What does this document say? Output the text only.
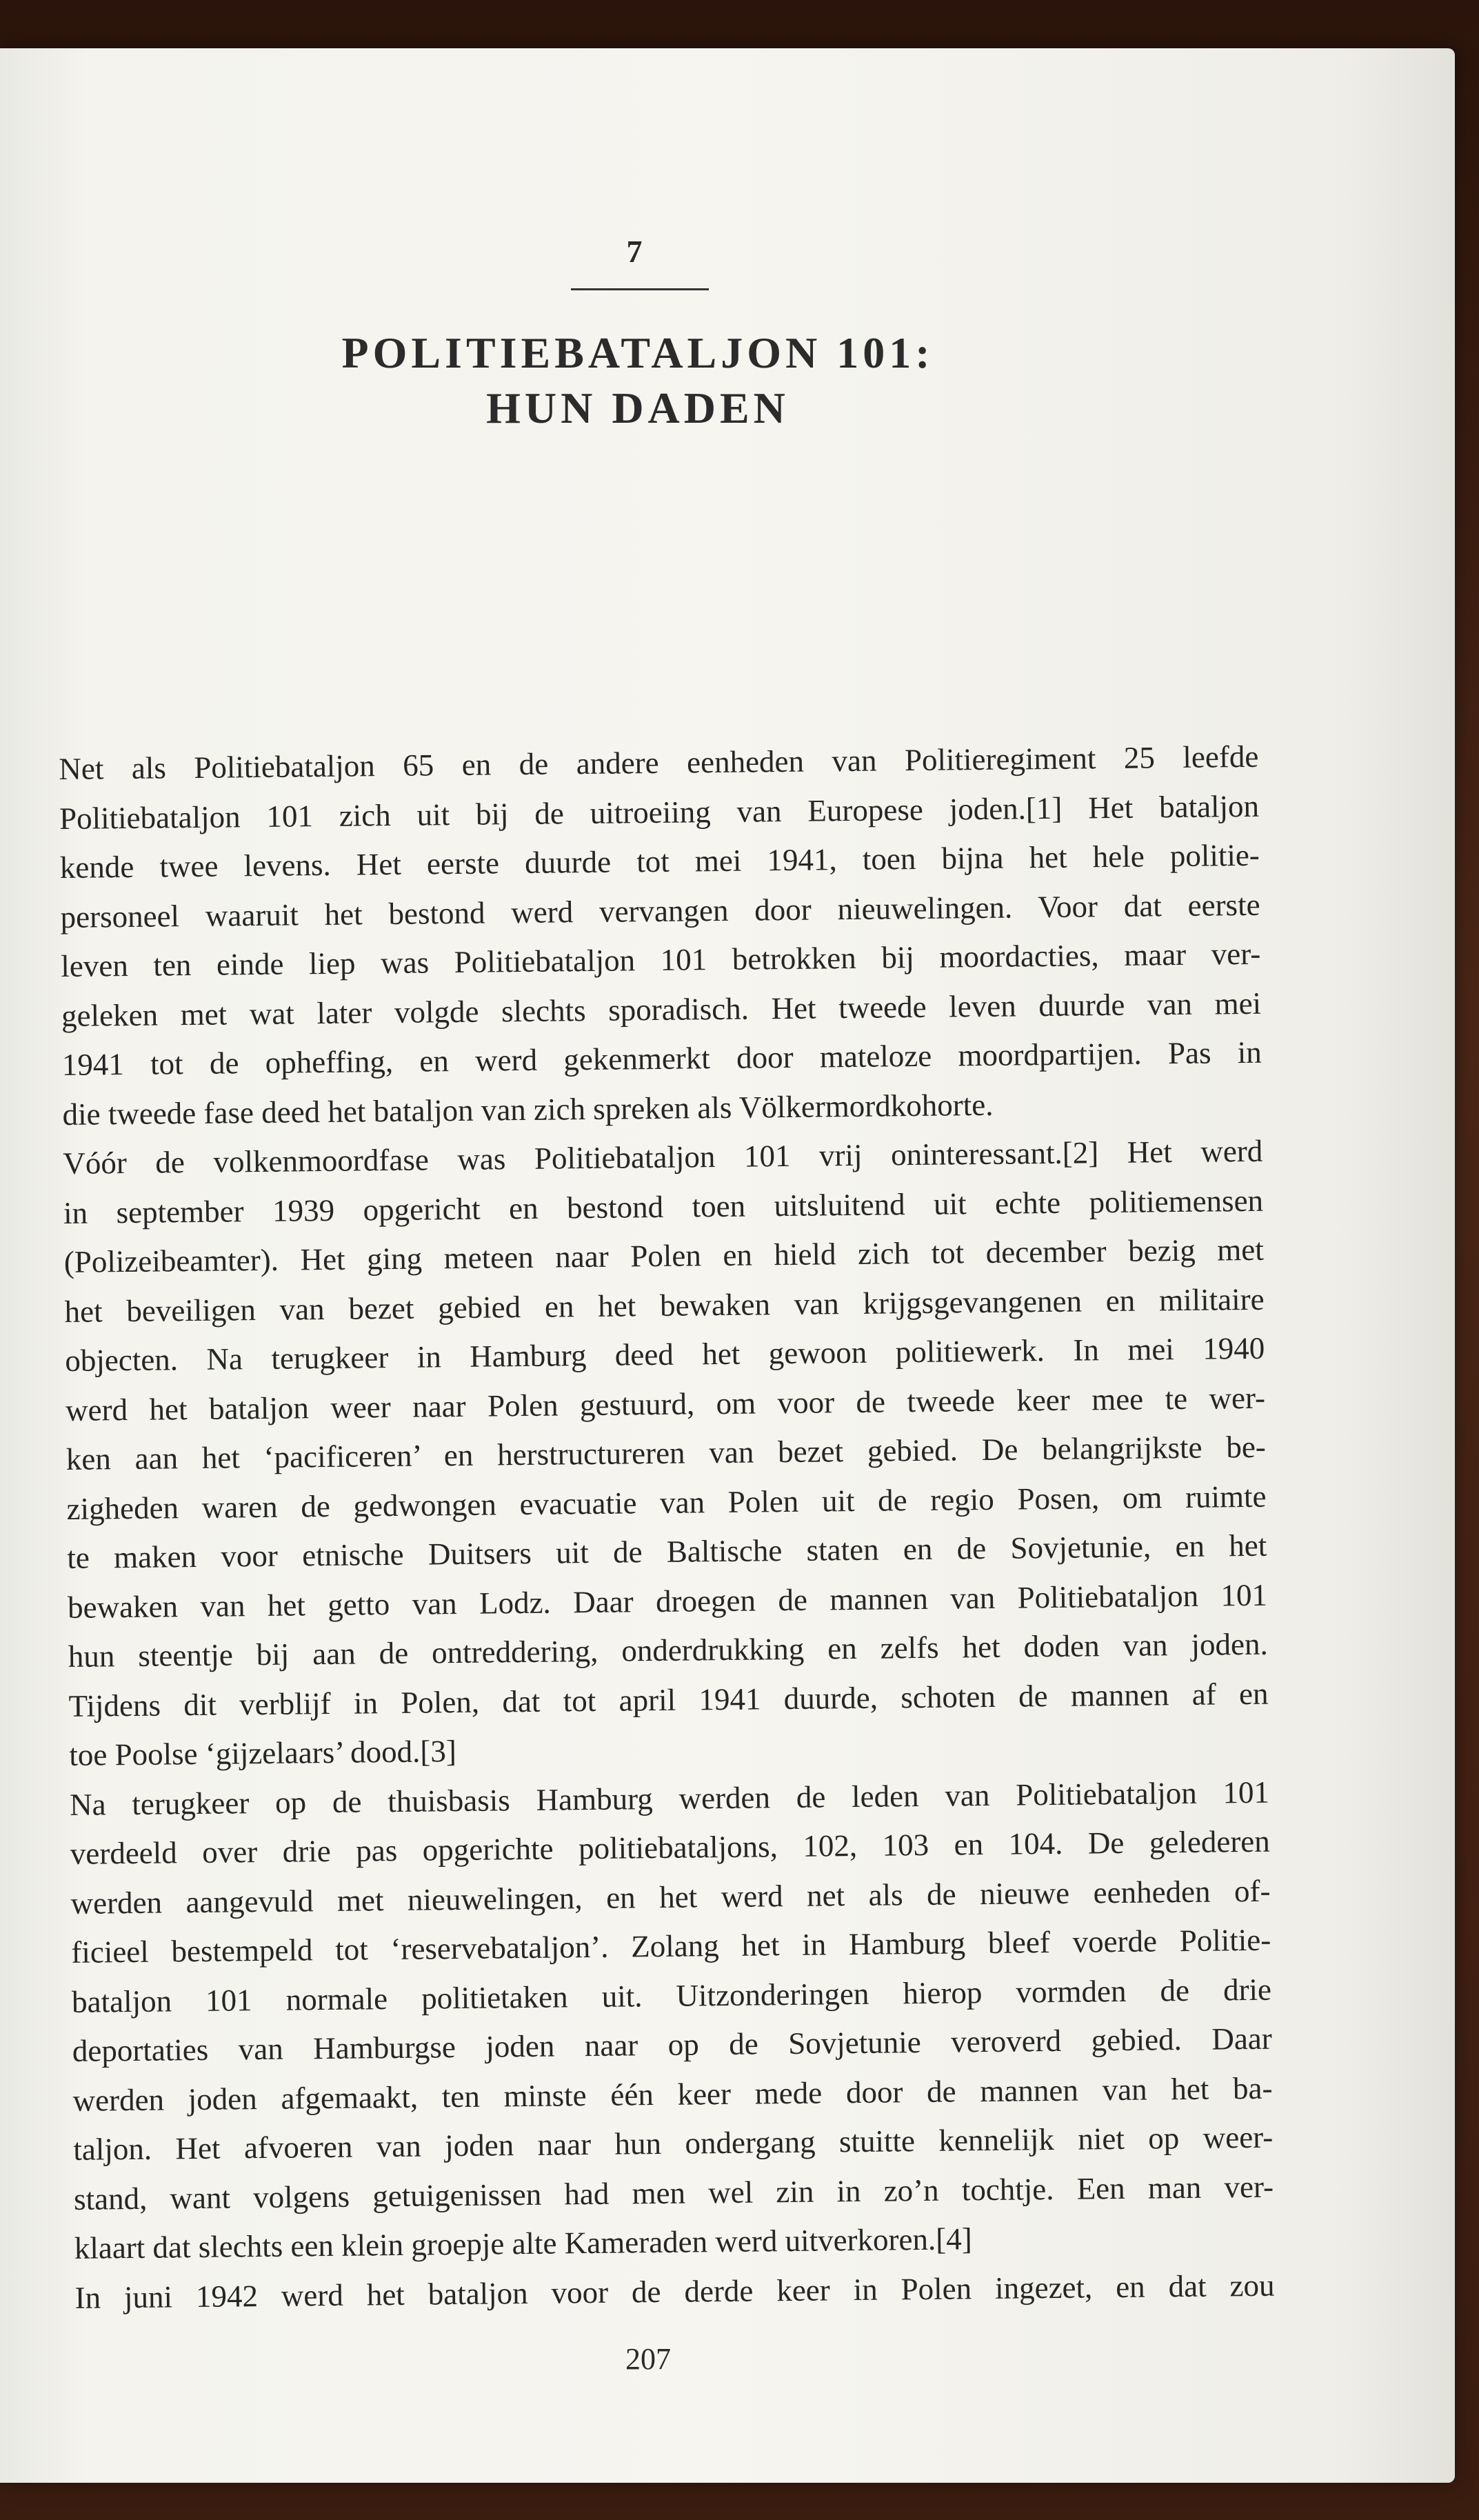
7
POLITIEBATALJON 101:
HUN DADEN
Net als Politiebataljon 65 en de andere eenheden van Politieregiment 25 leefde
Politiebataljon 101 zich uit bij de uitroeiing van Europese joden.[1] Het bataljon
kende twee levens. Het eerste duurde tot mei 1941, toen bijna het hele politie-
personeel waaruit het bestond werd vervangen door nieuwelingen. Voor dat eerste
leven ten einde liep was Politiebataljon 101 betrokken bij moordacties, maar ver-
geleken met wat later volgde slechts sporadisch. Het tweede leven duurde van mei
1941 tot de opheffing, en werd gekenmerkt door mateloze moordpartijen. Pas in
die tweede fase deed het bataljon van zich spreken als Völkermordkohorte.
Vóór de volkenmoordfase was Politiebataljon 101 vrij oninteressant.[2] Het werd
in september 1939 opgericht en bestond toen uitsluitend uit echte politiemensen
(Polizeibeamter). Het ging meteen naar Polen en hield zich tot december bezig met
het beveiligen van bezet gebied en het bewaken van krijgsgevangenen en militaire
objecten. Na terugkeer in Hamburg deed het gewoon politiewerk. In mei 1940
werd het bataljon weer naar Polen gestuurd, om voor de tweede keer mee te wer-
ken aan het ‘pacificeren’ en herstructureren van bezet gebied. De belangrijkste be-
zigheden waren de gedwongen evacuatie van Polen uit de regio Posen, om ruimte
te maken voor etnische Duitsers uit de Baltische staten en de Sovjetunie, en het
bewaken van het getto van Lodz. Daar droegen de mannen van Politiebataljon 101
hun steentje bij aan de ontreddering, onderdrukking en zelfs het doden van joden.
Tijdens dit verblijf in Polen, dat tot april 1941 duurde, schoten de mannen af en
toe Poolse ‘gijzelaars’ dood.[3]
Na terugkeer op de thuisbasis Hamburg werden de leden van Politiebataljon 101
verdeeld over drie pas opgerichte politiebataljons, 102, 103 en 104. De gelederen
werden aangevuld met nieuwelingen, en het werd net als de nieuwe eenheden of-
ficieel bestempeld tot ‘reservebataljon’. Zolang het in Hamburg bleef voerde Politie-
bataljon 101 normale politietaken uit. Uitzonderingen hierop vormden de drie
deportaties van Hamburgse joden naar op de Sovjetunie veroverd gebied. Daar
werden joden afgemaakt, ten minste één keer mede door de mannen van het ba-
taljon. Het afvoeren van joden naar hun ondergang stuitte kennelijk niet op weer-
stand, want volgens getuigenissen had men wel zin in zo’n tochtje. Een man ver-
klaart dat slechts een klein groepje alte Kameraden werd uitverkoren.[4]
In juni 1942 werd het bataljon voor de derde keer in Polen ingezet, en dat zou
207
